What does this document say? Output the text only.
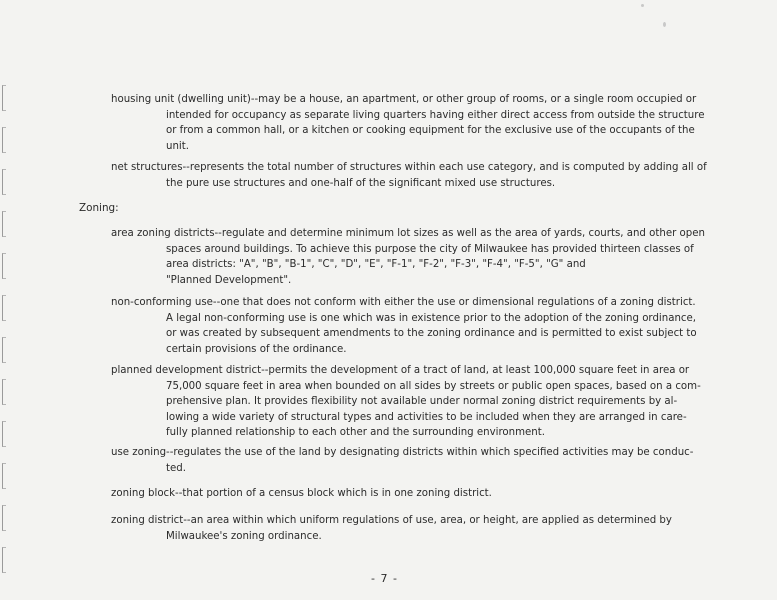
housing unit (dwelling unit)--may be a house, an apartment, or other group of rooms, or a single room occupied or
intended for occupancy as separate living quarters having either direct access from outside the structure
or from a common hall, or a kitchen or cooking equipment for the exclusive use of the occupants of the
unit.
net structures--represents the total number of structures within each use category, and is computed by adding all of
the pure use structures and one-half of the significant mixed use structures.
Zoning:
area zoning districts--regulate and determine minimum lot sizes as well as the area of yards, courts, and other open
spaces around buildings. To achieve this purpose the city of Milwaukee has provided thirteen classes of
area districts: "A", "B", "B-1", "C", "D", "E", "F-1", "F-2", "F-3", "F-4", "F-5", "G" and
"Planned Development".
non-conforming use--one that does not conform with either the use or dimensional regulations of a zoning district.
A legal non-conforming use is one which was in existence prior to the adoption of the zoning ordinance,
or was created by subsequent amendments to the zoning ordinance and is permitted to exist subject to
certain provisions of the ordinance.
planned development district--permits the development of a tract of land, at least 100,000 square feet in area or
75,000 square feet in area when bounded on all sides by streets or public open spaces, based on a com-
prehensive plan. It provides flexibility not available under normal zoning district requirements by al-
lowing a wide variety of structural types and activities to be included when they are arranged in care-
fully planned relationship to each other and the surrounding environment.
use zoning--regulates the use of the land by designating districts within which specified activities may be conduc-
ted.
zoning block--that portion of a census block which is in one zoning district.
zoning district--an area within which uniform regulations of use, area, or height, are applied as determined by
Milwaukee's zoning ordinance.
- 7 -
